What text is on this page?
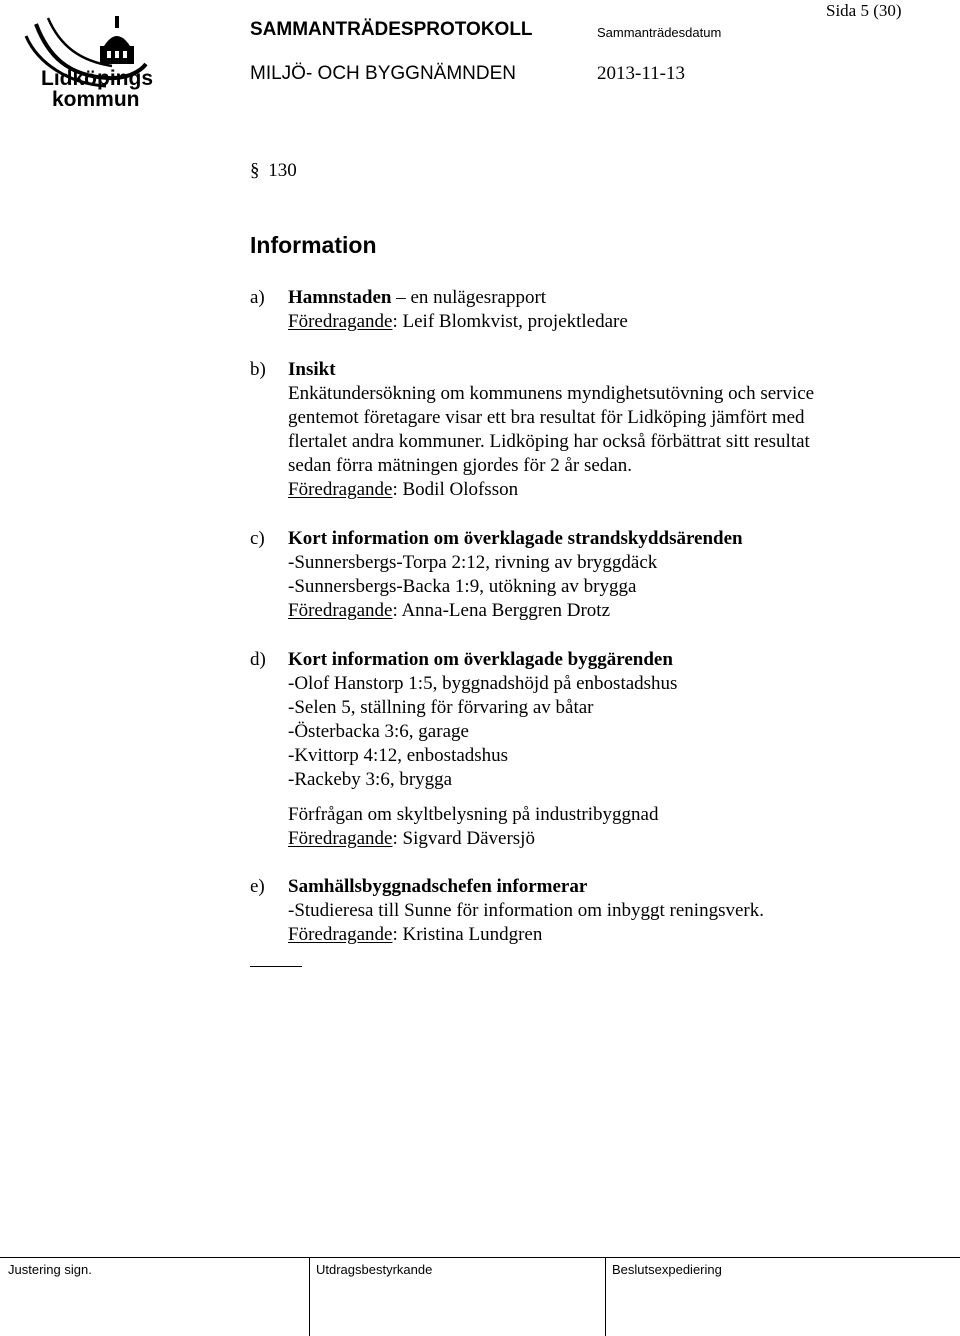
Lidköpings
kommun
Sida 5 (30)
SAMMANTRÄDESPROTOKOLL	Sammanträdesdatum
MILJÖ- OCH BYGGNÄMNDEN	2013-11-13
§ 130
Information
a) Hamnstaden – en nulägesrapport
Föredragande: Leif Blomkvist, projektledare
b) Insikt
Enkätundersökning om kommunens myndighetsutövning och service
gentemot företagare visar ett bra resultat för Lidköping jämfört med
flertalet andra kommuner. Lidköping har också förbättrat sitt resultat
sedan förra mätningen gjordes för 2 år sedan.
Föredragande: Bodil Olofsson
c) Kort information om överklagade strandskyddsärenden
-Sunnersbergs-Torpa 2:12, rivning av bryggdäck
-Sunnersbergs-Backa 1:9, utökning av brygga
Föredragande: Anna-Lena Berggren Drotz
d) Kort information om överklagade byggärenden
-Olof Hanstorp 1:5, byggnadshöjd på enbostadshus
-Selen 5, ställning för förvaring av båtar
-Österbacka 3:6, garage
-Kvittorp 4:12, enbostadshus
-Rackeby 3:6, brygga
Förfrågan om skyltbelysning på industribyggnad
Föredragande: Sigvard Däversjö
e) Samhällsbyggnadschefen informerar
-Studieresa till Sunne för information om inbyggt reningsverk.
Föredragande: Kristina Lundgren
Justering sign.	Utdragsbestyrkande	Beslutsexpediering
